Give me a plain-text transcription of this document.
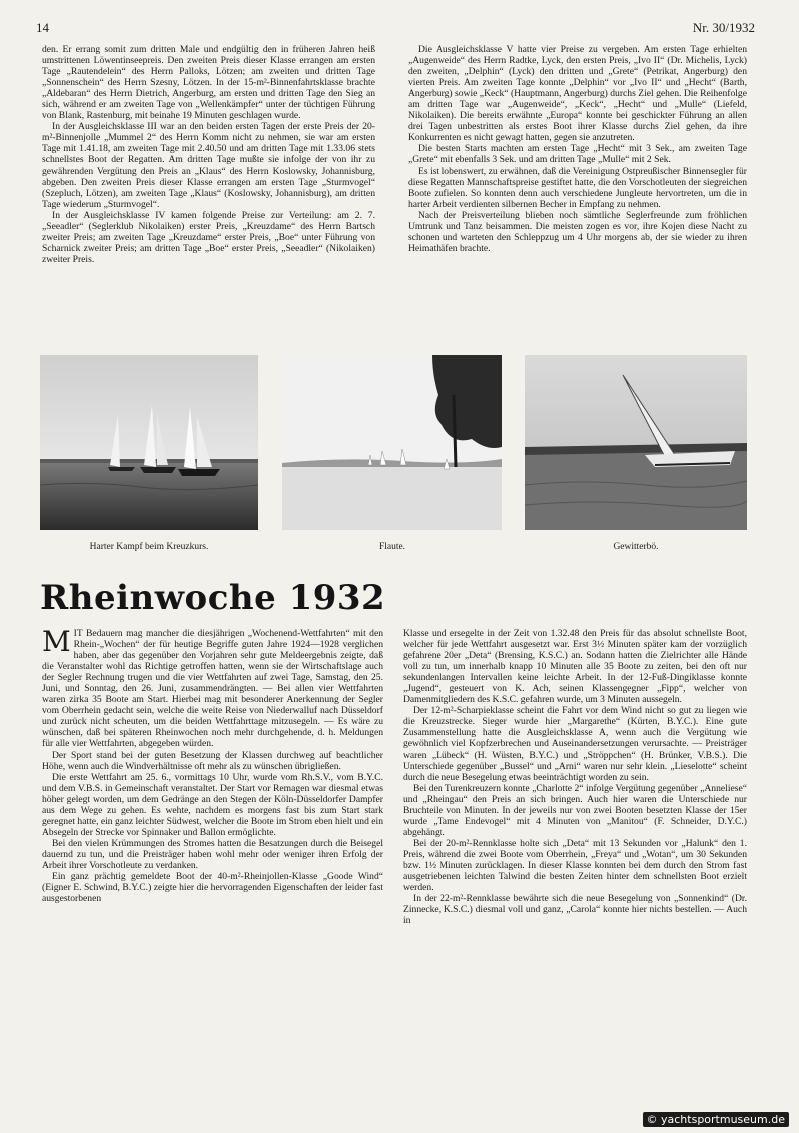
14	Nr. 30/1932

den. Er errang somit zum dritten Male und endgültig den in früheren Jahren heiß umstrittenen Löwentinseepreis. Den zweiten Preis dieser Klasse errangen am ersten Tage „Rautendelein“ des Herrn Palloks, Lötzen; am zweiten und dritten Tage „Sonnenschein“ des Herrn Szesny, Lötzen. In der 15-m²-Binnenfahrtsklasse brachte „Aldebaran“ des Herrn Dietrich, Angerburg, am ersten und dritten Tage den Sieg an sich, während er am zweiten Tage von „Wellenkämpfer“ unter der tüchtigen Führung von Blank, Rastenburg, mit beinahe 19 Minuten geschlagen wurde.

In der Ausgleichsklasse III war an den beiden ersten Tagen der erste Preis der 20-m²-Binnenjolle „Mummel 2“ des Herrn Komm nicht zu nehmen, sie war am ersten Tage mit 1.41.18, am zweiten Tage mit 2.40.50 und am dritten Tage mit 1.33.06 stets schnellstes Boot der Regatten. Am dritten Tage mußte sie infolge der von ihr zu gewährenden Vergütung den Preis an „Klaus“ des Herrn Koslowsky, Johannisburg, abgeben. Den zweiten Preis dieser Klasse errangen am ersten Tage „Sturmvogel“ (Szepluch, Lötzen), am zweiten Tage „Klaus“ (Koslowsky, Johannisburg), am dritten Tage wiederum „Sturmvogel“.

In der Ausgleichsklasse IV kamen folgende Preise zur Verteilung: am 2. 7. „Seeadler“ (Seglerklub Nikolaiken) erster Preis, „Kreuzdame“ des Herrn Bartsch zweiter Preis; am zweiten Tage „Kreuzdame“ erster Preis, „Boe“ unter Führung von Scharnick zweiter Preis; am dritten Tage „Boe“ erster Preis, „Seeadler“ (Nikolaiken) zweiter Preis.

Die Ausgleichsklasse V hatte vier Preise zu vergeben. Am ersten Tage erhielten „Augenweide“ des Herrn Radtke, Lyck, den ersten Preis, „Ivo II“ (Dr. Michelis, Lyck) den zweiten, „Delphin“ (Lyck) den dritten und „Grete“ (Petrikat, Angerburg) den vierten Preis. Am zweiten Tage konnte „Delphin“ vor „Ivo II“ und „Hecht“ (Barth, Angerburg) sowie „Keck“ (Hauptmann, Angerburg) durchs Ziel gehen. Die Reihenfolge am dritten Tage war „Augenweide“, „Keck“, „Hecht“ und „Mulle“ (Liefeld, Nikolaiken). Die bereits erwähnte „Europa“ konnte bei geschickter Führung an allen drei Tagen unbestritten als erstes Boot ihrer Klasse durchs Ziel gehen, da ihre Konkurrenten es nicht gewagt hatten, gegen sie anzutreten.

Die besten Starts machten am ersten Tage „Hecht“ mit 3 Sek., am zweiten Tage „Grete“ mit ebenfalls 3 Sek. und am dritten Tage „Mulle“ mit 2 Sek.

Es ist lobenswert, zu erwähnen, daß die Vereinigung Ostpreußischer Binnensegler für diese Regatten Mannschaftspreise gestiftet hatte, die den Vorschotleuten der siegreichen Boote zufielen. So konnten denn auch verschiedene Jungleute hervortreten, um die in harter Arbeit verdienten silbernen Becher in Empfang zu nehmen.

Nach der Preisverteilung blieben noch sämtliche Seglerfreunde zum fröhlichen Umtrunk und Tanz beisammen. Die meisten zogen es vor, ihre Kojen diese Nacht zu schonen und warteten den Schleppzug um 4 Uhr morgens ab, der sie wieder zu ihren Heimathäfen brachte.

Harter Kampf beim Kreuzkurs.	Flaute.	Gewitterbö.
Rheinwoche 1932

MIT Bedauern mag mancher die diesjährigen „Wochenend-Wettfahrten“ mit den Rhein-„Wochen“ der für heutige Begriffe guten Jahre 1924—1928 verglichen haben, aber das gegenüber den Vorjahren sehr gute Meldeergebnis zeigte, daß die Veranstalter wohl das Richtige getroffen hatten, wenn sie der Wirtschaftslage auch der Segler Rechnung trugen und die vier Wettfahrten auf zwei Tage, Samstag, den 25. Juni, und Sonntag, den 26. Juni, zusammendrängten. — Bei allen vier Wettfahrten waren zirka 35 Boote am Start. Hierbei mag mit besonderer Anerkennung der Segler vom Oberrhein gedacht sein, welche die weite Reise von Niederwalluf nach Düsseldorf und zurück nicht scheuten, um die beiden Wettfahrttage mitzusegeln. — Es wäre zu wünschen, daß bei späteren Rheinwochen noch mehr durchgehende, d. h. Meldungen für alle vier Wettfahrten, abgegeben würden.

Der Sport stand bei der guten Besetzung der Klassen durchweg auf beachtlicher Höhe, wenn auch die Windverhältnisse oft mehr als zu wünschen übrigließen.

Die erste Wettfahrt am 25. 6., vormittags 10 Uhr, wurde vom Rh.S.V., vom B.Y.C. und dem V.B.S. in Gemeinschaft veranstaltet. Der Start vor Remagen war diesmal etwas höher gelegt worden, um dem Gedränge an den Stegen der Köln-Düsseldorfer Dampfer aus dem Wege zu gehen. Es wehte, nachdem es morgens fast bis zum Start stark geregnet hatte, ein ganz leichter Südwest, welcher die Boote im Strom eben hielt und ein Absegeln der Strecke vor Spinnaker und Ballon ermöglichte.

Bei den vielen Krümmungen des Stromes hatten die Besatzungen durch die Beisegel dauernd zu tun, und die Preisträger haben wohl mehr oder weniger ihren Erfolg der Arbeit ihrer Vorschotleute zu verdanken.

Ein ganz prächtig gemeldete Boot der 40-m²-Rheinjollen-Klasse „Goode Wind“ (Eigner E. Schwind, B.Y.C.) zeigte hier die hervorragenden Eigenschaften der leider fast ausgestorbenen

Klasse und ersegelte in der Zeit von 1.32.48 den Preis für das absolut schnellste Boot, welcher für jede Wettfahrt ausgesetzt war. Erst 3½ Minuten später kam der vorzüglich gefahrene 20er „Deta“ (Brensing, K.S.C.) an. Sodann hatten die Zielrichter alle Hände voll zu tun, um innerhalb knapp 10 Minuten alle 35 Boote zu zeiten, bei den oft nur sekundenlangen Intervallen keine leichte Arbeit. In der 12-Fuß-Dingiklasse konnte „Jugend“, gesteuert von K. Ach, seinen Klassengegner „Fipp“, welcher von Damenmitgliedern des K.S.C. gefahren wurde, um 3 Minuten aussegeln.

Der 12-m²-Scharpieklasse scheint die Fahrt vor dem Wind nicht so gut zu liegen wie die Kreuzstrecke. Sieger wurde hier „Margarethe“ (Kürten, B.Y.C.). Eine gute Zusammenstellung hatte die Ausgleichsklasse A, wenn auch die Vergütung wie gewöhnlich viel Kopfzerbrechen und Auseinandersetzungen verursachte. — Preisträger waren „Lübeck“ (H. Wüsten, B.Y.C.) und „Ströppchen“ (H. Brünker, V.B.S.). Die Unterschiede gegenüber „Bussel“ und „Arni“ waren nur sehr klein. „Lieselotte“ scheint durch die neue Besegelung etwas beeinträchtigt worden zu sein.

Bei den Turenkreuzern konnte „Charlotte 2“ infolge Vergütung gegenüber „Anneliese“ und „Rheingau“ den Preis an sich bringen. Auch hier waren die Unterschiede nur Bruchteile von Minuten. In der jeweils nur von zwei Booten besetzten Klasse der 15er wurde „Tame Endevogel“ mit 4 Minuten von „Manitou“ (F. Schneider, D.Y.C.) abgehängt.

Bei der 20-m²-Rennklasse holte sich „Deta“ mit 13 Sekunden vor „Halunk“ den 1. Preis, während die zwei Boote vom Oberrhein, „Freya“ und „Wotan“, um 30 Sekunden bzw. 1½ Minuten zurücklagen. In dieser Klasse konnten bei dem durch den Strom fast ausgetriebenen leichten Talwind die besten Zeiten hinter dem schnellsten Boot erzielt werden.

In der 22-m²-Rennklasse bewährte sich die neue Besegelung von „Sonnenkind“ (Dr. Zinnecke, K.S.C.) diesmal voll und ganz, „Carola“ konnte hier nichts bestellen. — Auch in

© yachtsportmuseum.de
